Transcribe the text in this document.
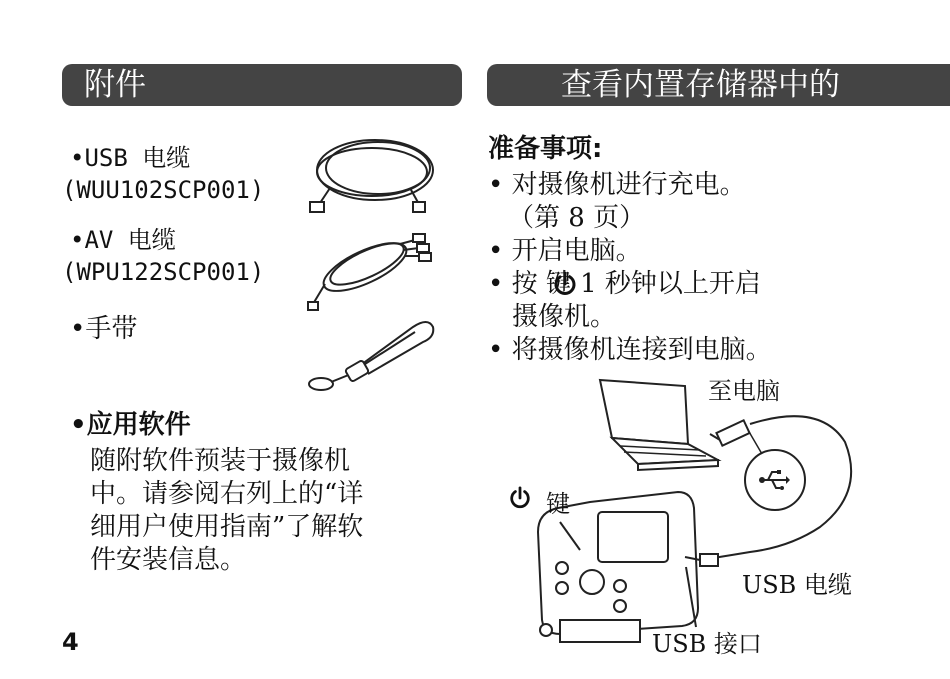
附件
•USB 电缆
(WUU102SCP001)
•AV 电缆
(WPU122SCP001)
•手带
•应用软件
随附软件预装于摄像机
中。请参阅右列上的“详
细用户使用指南”了解软
件安装信息。
4
查看内置存储器中的
准备事项:
• 对摄像机进行充电。
（第 8 页）
• 开启电脑。
• 按 键 1 秒钟以上开启
摄像机。
• 将摄像机连接到电脑。
至电脑
键
USB 电缆
USB 接口
